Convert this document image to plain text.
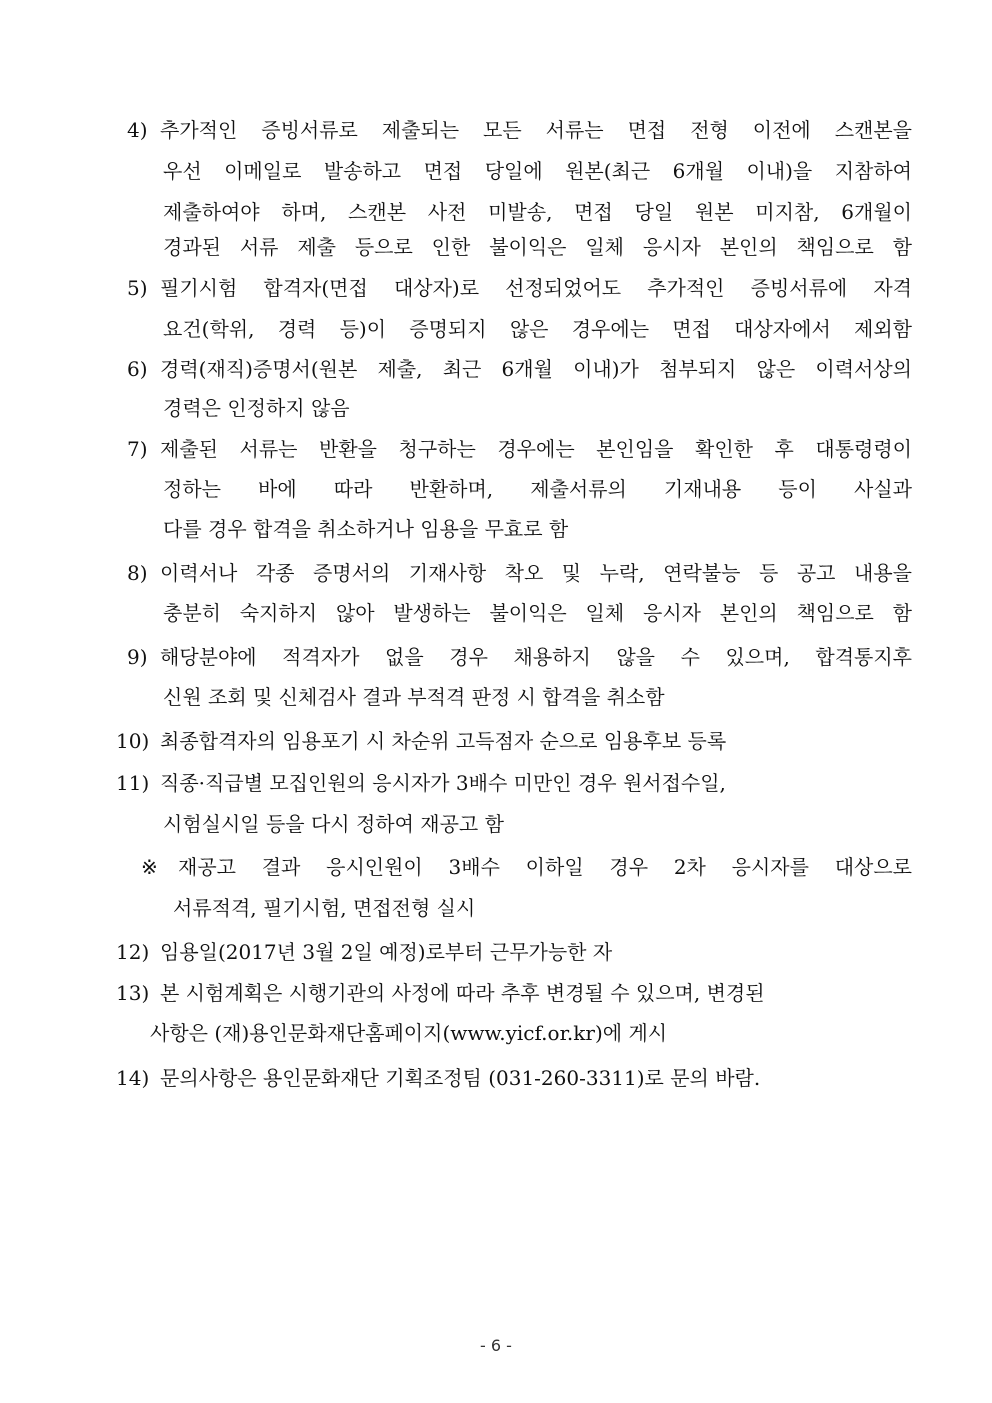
4) 추가적인 증빙서류로 제출되는 모든 서류는 면접 전형 이전에 스캔본을
우선 이메일로 발송하고 면접 당일에 원본(최근 6개월 이내)을 지참하여
제출하여야 하며, 스캔본 사전 미발송, 면접 당일 원본 미지참, 6개월이
경과된 서류 제출 등으로 인한 불이익은 일체 응시자 본인의 책임으로 함
5) 필기시험 합격자(면접 대상자)로 선정되었어도 추가적인 증빙서류에 자격
요건(학위, 경력 등)이 증명되지 않은 경우에는 면접 대상자에서 제외함
6) 경력(재직)증명서(원본 제출, 최근 6개월 이내)가 첨부되지 않은 이력서상의
경력은 인정하지 않음
7) 제출된 서류는 반환을 청구하는 경우에는 본인임을 확인한 후 대통령령이
정하는 바에 따라 반환하며, 제출서류의 기재내용 등이 사실과
다를 경우 합격을 취소하거나 임용을 무효로 함
8) 이력서나 각종 증명서의 기재사항 착오 및 누락, 연락불능 등 공고 내용을
충분히 숙지하지 않아 발생하는 불이익은 일체 응시자 본인의 책임으로 함
9) 해당분야에 적격자가 없을 경우 채용하지 않을 수 있으며, 합격통지후
신원 조회 및 신체검사 결과 부적격 판정 시 합격을 취소함
10) 최종합격자의 임용포기 시 차순위 고득점자 순으로 임용후보 등록
11) 직종·직급별 모집인원의 응시자가 3배수 미만인 경우 원서접수일,
시험실시일 등을 다시 정하여 재공고 함
※ 재공고 결과 응시인원이 3배수 이하일 경우 2차 응시자를 대상으로
서류적격, 필기시험, 면접전형 실시
12) 임용일(2017년 3월 2일 예정)로부터 근무가능한 자
13) 본 시험계획은 시행기관의 사정에 따라 추후 변경될 수 있으며, 변경된
사항은 (재)용인문화재단홈페이지(www.yicf.or.kr)에 게시
14) 문의사항은 용인문화재단 기획조정팀 (031-260-3311)로 문의 바람.
- 6 -
